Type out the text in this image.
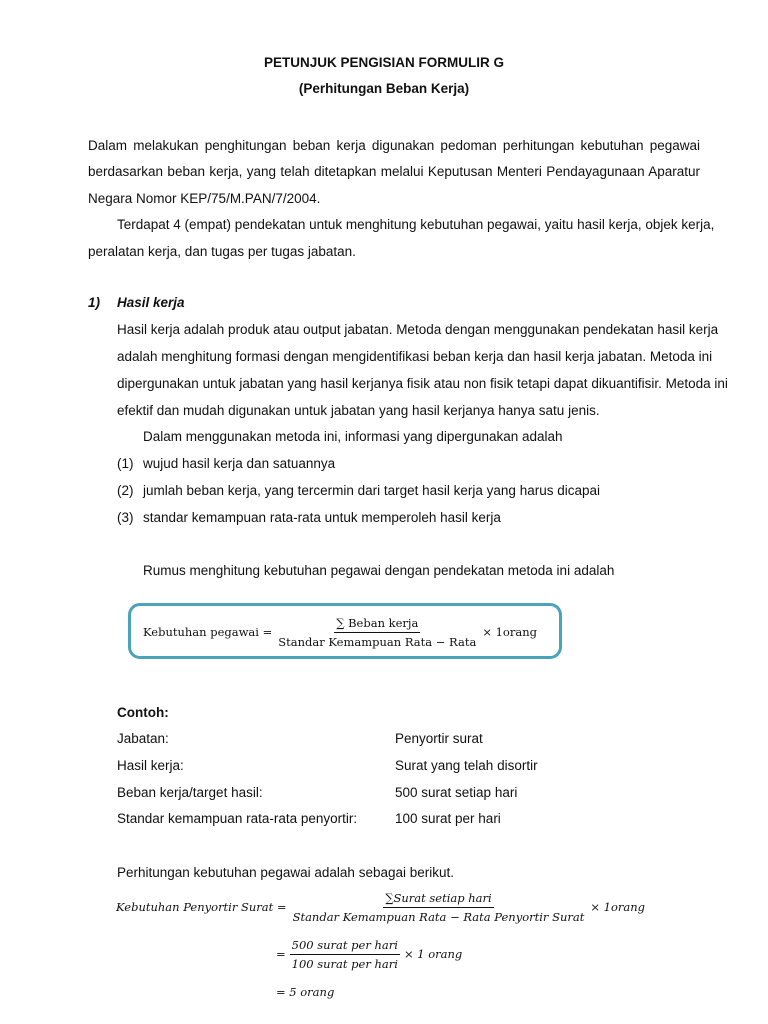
PETUNJUK PENGISIAN FORMULIR G
(Perhitungan Beban Kerja)
Dalam melakukan penghitungan beban kerja digunakan pedoman perhitungan kebutuhan pegawai
berdasarkan beban kerja, yang telah ditetapkan melalui Keputusan Menteri Pendayagunaan Aparatur
Negara Nomor KEP/75/M.PAN/7/2004.
Terdapat 4 (empat) pendekatan untuk menghitung kebutuhan pegawai, yaitu hasil kerja, objek kerja,
peralatan kerja, dan tugas per tugas jabatan.
1) Hasil kerja
Hasil kerja adalah produk atau output jabatan. Metoda dengan menggunakan pendekatan hasil kerja
adalah menghitung formasi dengan mengidentifikasi beban kerja dan hasil kerja jabatan. Metoda ini
dipergunakan untuk jabatan yang hasil kerjanya fisik atau non fisik tetapi dapat dikuantifisir. Metoda ini
efektif dan mudah digunakan untuk jabatan yang hasil kerjanya hanya satu jenis.
Dalam menggunakan metoda ini, informasi yang dipergunakan adalah
(1) wujud hasil kerja dan satuannya
(2) jumlah beban kerja, yang tercermin dari target hasil kerja yang harus dicapai
(3) standar kemampuan rata-rata untuk memperoleh hasil kerja
Rumus menghitung kebutuhan pegawai dengan pendekatan metoda ini adalah
Kebutuhan pegawai = $\frac{\text{∑ Beban kerja}}{\text{Standar Kemampuan Rata − Rata}}$ × 1orang
Contoh:
Jabatan:	Penyortir surat
Hasil kerja:	Surat yang telah disortir
Beban kerja/target hasil:	500 surat setiap hari
Standar kemampuan rata-rata penyortir:	100 surat per hari
Perhitungan kebutuhan pegawai adalah sebagai berikut.
Kebutuhan Penyortir Surat = $\frac{\text{∑Surat setiap hari}}{\text{Standar Kemampuan Rata − Rata Penyortir Surat}}$ × 1orang
= $\frac{\text{500 surat per hari}}{\text{100 surat per hari}} \times 1$ orang
= 5 orang
